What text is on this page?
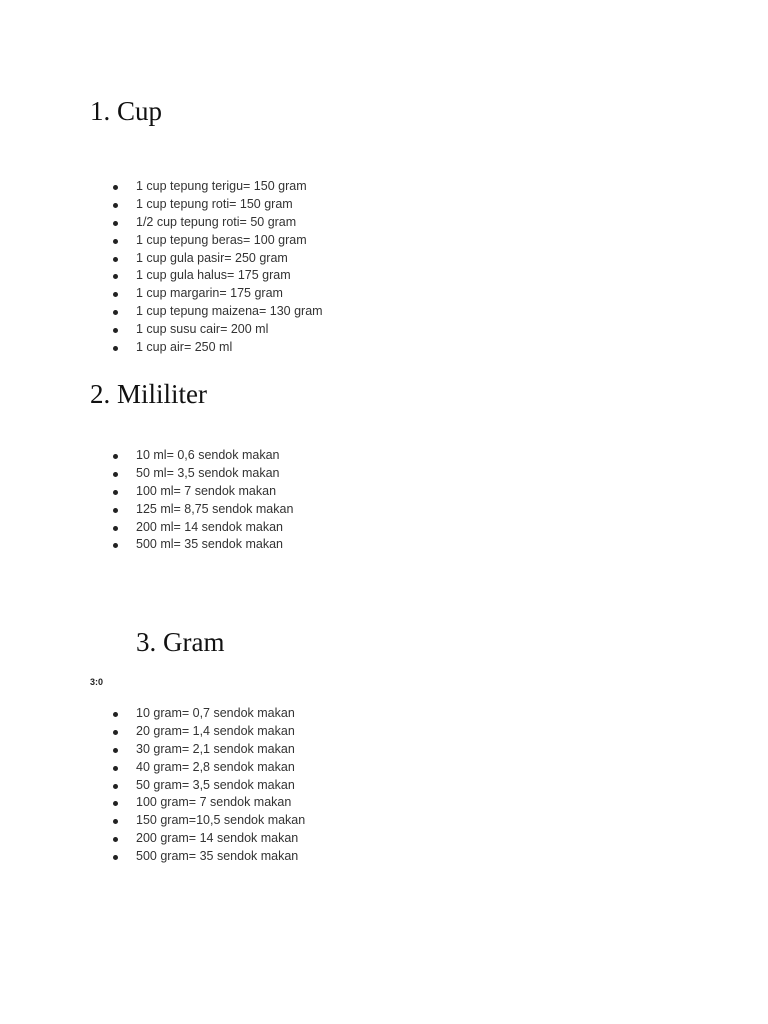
1. Cup
1 cup tepung terigu= 150 gram
1 cup tepung roti= 150 gram
1/2 cup tepung roti= 50 gram
1 cup tepung beras= 100 gram
1 cup gula pasir= 250 gram
1 cup gula halus= 175 gram
1 cup margarin= 175 gram
1 cup tepung maizena= 130 gram
1 cup susu cair= 200 ml
1 cup air= 250 ml
2. Mililiter
10 ml= 0,6 sendok makan
50 ml= 3,5 sendok makan
100 ml= 7 sendok makan
125 ml= 8,75 sendok makan
200 ml= 14 sendok makan
500 ml= 35 sendok makan
3. Gram
3:0
10 gram= 0,7 sendok makan
20 gram= 1,4 sendok makan
30 gram= 2,1 sendok makan
40 gram= 2,8 sendok makan
50 gram= 3,5 sendok makan
100 gram= 7 sendok makan
150 gram=10,5 sendok makan
200 gram= 14 sendok makan
500 gram= 35 sendok makan
